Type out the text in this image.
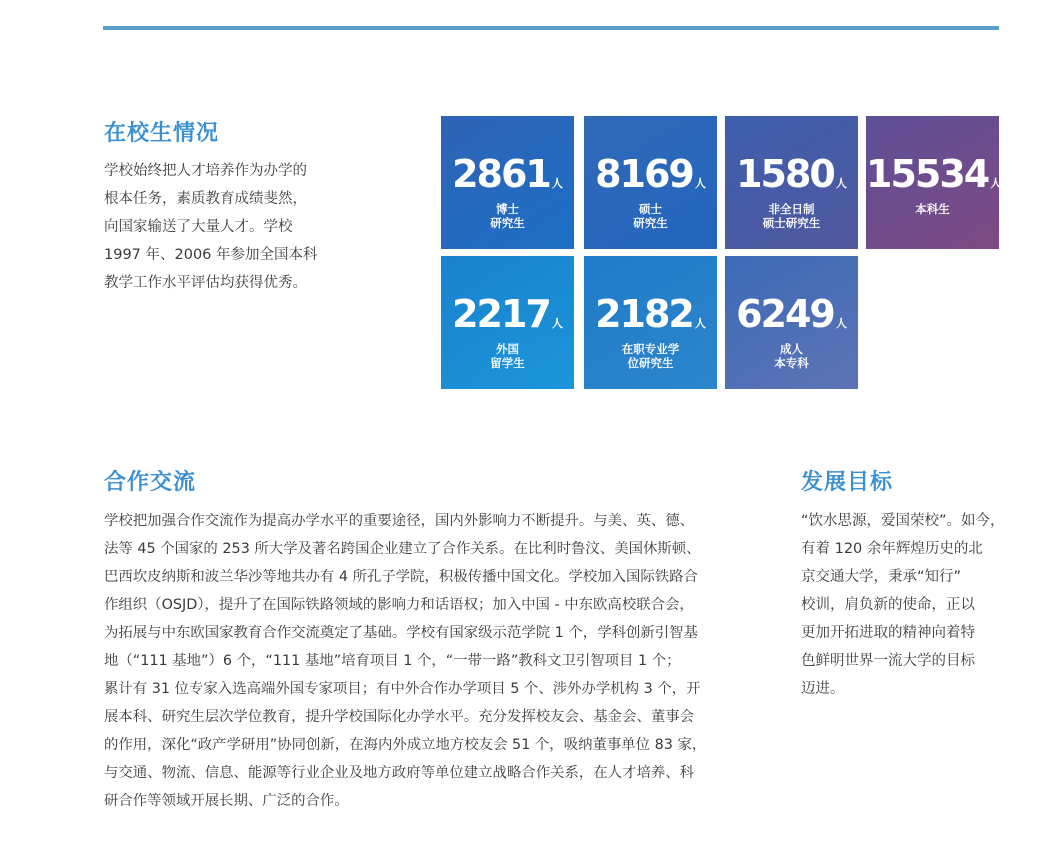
在校生情况
学校始终把人才培养作为办学的
根本任务，素质教育成绩斐然，
向国家输送了大量人才。学校
1997 年、2006 年参加全国本科
教学工作水平评估均获得优秀。
2861 人
博士
研究生
8169 人
硕士
研究生
1580 人
非全日制
硕士研究生
15534 人
本科生
2217 人
外国
留学生
2182 人
在职专业学
位研究生
6249 人
成人
本专科
合作交流
学校把加强合作交流作为提高办学水平的重要途径，国内外影响力不断提升。与美、英、德、
法等 45 个国家的 253 所大学及著名跨国企业建立了合作关系。在比利时鲁汶、美国休斯顿、
巴西坎皮纳斯和波兰华沙等地共办有 4 所孔子学院，积极传播中国文化。学校加入国际铁路合
作组织（OSJD），提升了在国际铁路领域的影响力和话语权；加入中国 - 中东欧高校联合会，
为拓展与中东欧国家教育合作交流奠定了基础。学校有国家级示范学院 1 个，学科创新引智基
地（“111 基地”）6 个，“111 基地”培育项目 1 个，“一带一路”教科文卫引智项目 1 个；
累计有 31 位专家入选高端外国专家项目；有中外合作办学项目 5 个、涉外办学机构 3 个，开
展本科、研究生层次学位教育，提升学校国际化办学水平。充分发挥校友会、基金会、董事会
的作用，深化“政产学研用”协同创新，在海内外成立地方校友会 51 个，吸纳董事单位 83 家，
与交通、物流、信息、能源等行业企业及地方政府等单位建立战略合作关系，在人才培养、科
研合作等领域开展长期、广泛的合作。
发展目标
“饮水思源，爱国荣校”。如今，
有着 120 余年辉煌历史的北
京交通大学，秉承“知行”
校训，肩负新的使命，正以
更加开拓进取的精神向着特
色鲜明世界一流大学的目标
迈进。
